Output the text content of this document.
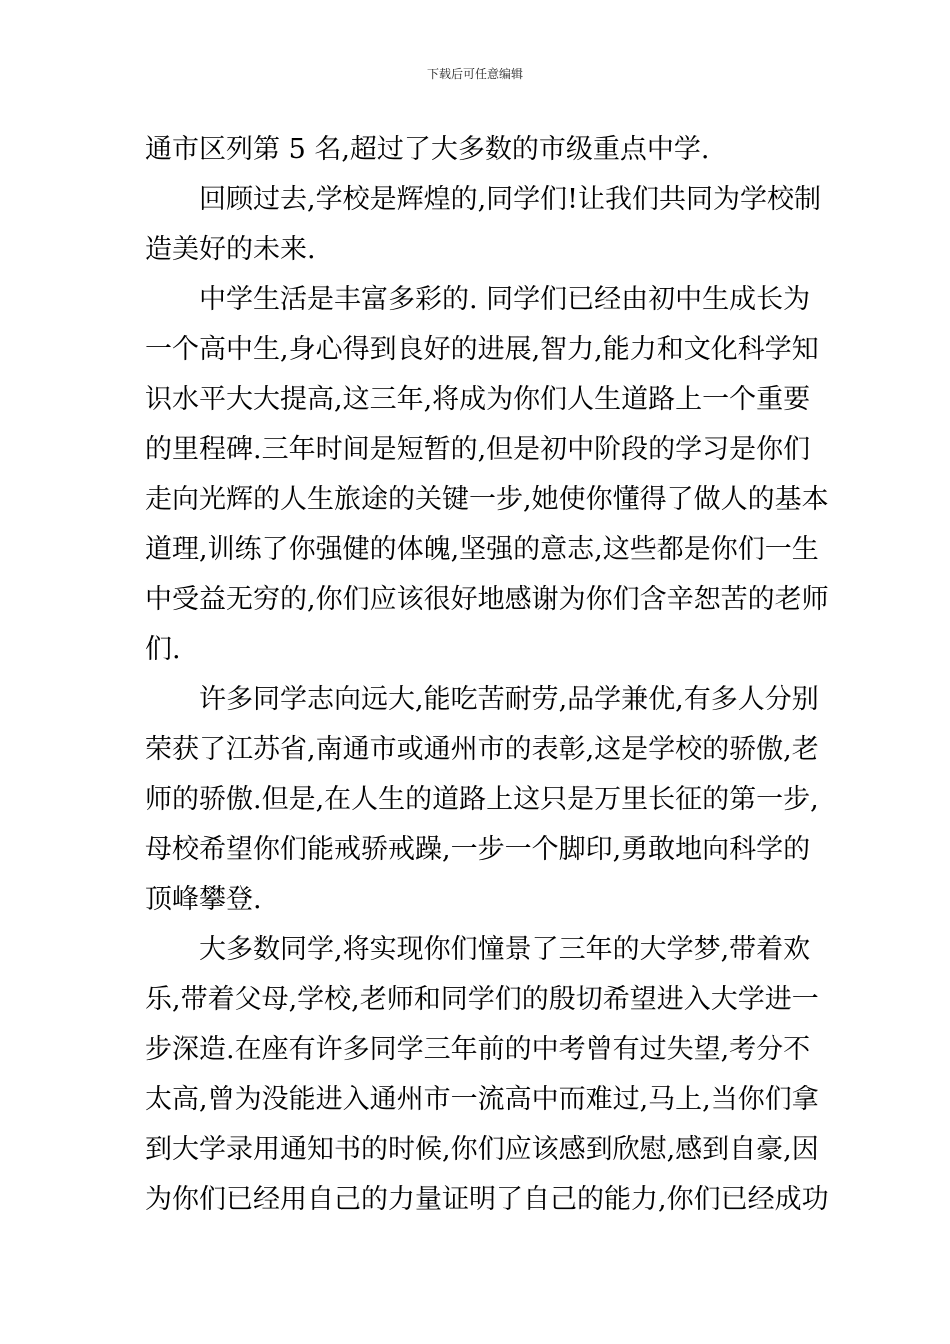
下载后可任意编辑
通市区列第 5 名,超过了大多数的市级重点中学.
回顾过去,学校是辉煌的,同学们!让我们共同为学校制
造美好的未来.
中学生活是丰富多彩的. 同学们已经由初中生成长为
一个高中生,身心得到良好的进展,智力,能力和文化科学知
识水平大大提高,这三年,将成为你们人生道路上一个重要
的里程碑.三年时间是短暂的,但是初中阶段的学习是你们
走向光辉的人生旅途的关键一步,她使你懂得了做人的基本
道理,训练了你强健的体魄,坚强的意志,这些都是你们一生
中受益无穷的,你们应该很好地感谢为你们含辛恕苦的老师
们.
许多同学志向远大,能吃苦耐劳,品学兼优,有多人分别
荣获了江苏省,南通市或通州市的表彰,这是学校的骄傲,老
师的骄傲.但是,在人生的道路上这只是万里长征的第一步,
母校希望你们能戒骄戒躁,一步一个脚印,勇敢地向科学的
顶峰攀登.
大多数同学,将实现你们憧景了三年的大学梦,带着欢
乐,带着父母,学校,老师和同学们的殷切希望进入大学进一
步深造.在座有许多同学三年前的中考曾有过失望,考分不
太高,曾为没能进入通州市一流高中而难过,马上,当你们拿
到大学录用通知书的时候,你们应该感到欣慰,感到自豪,因
为你们已经用自己的力量证明了自己的能力,你们已经成功
